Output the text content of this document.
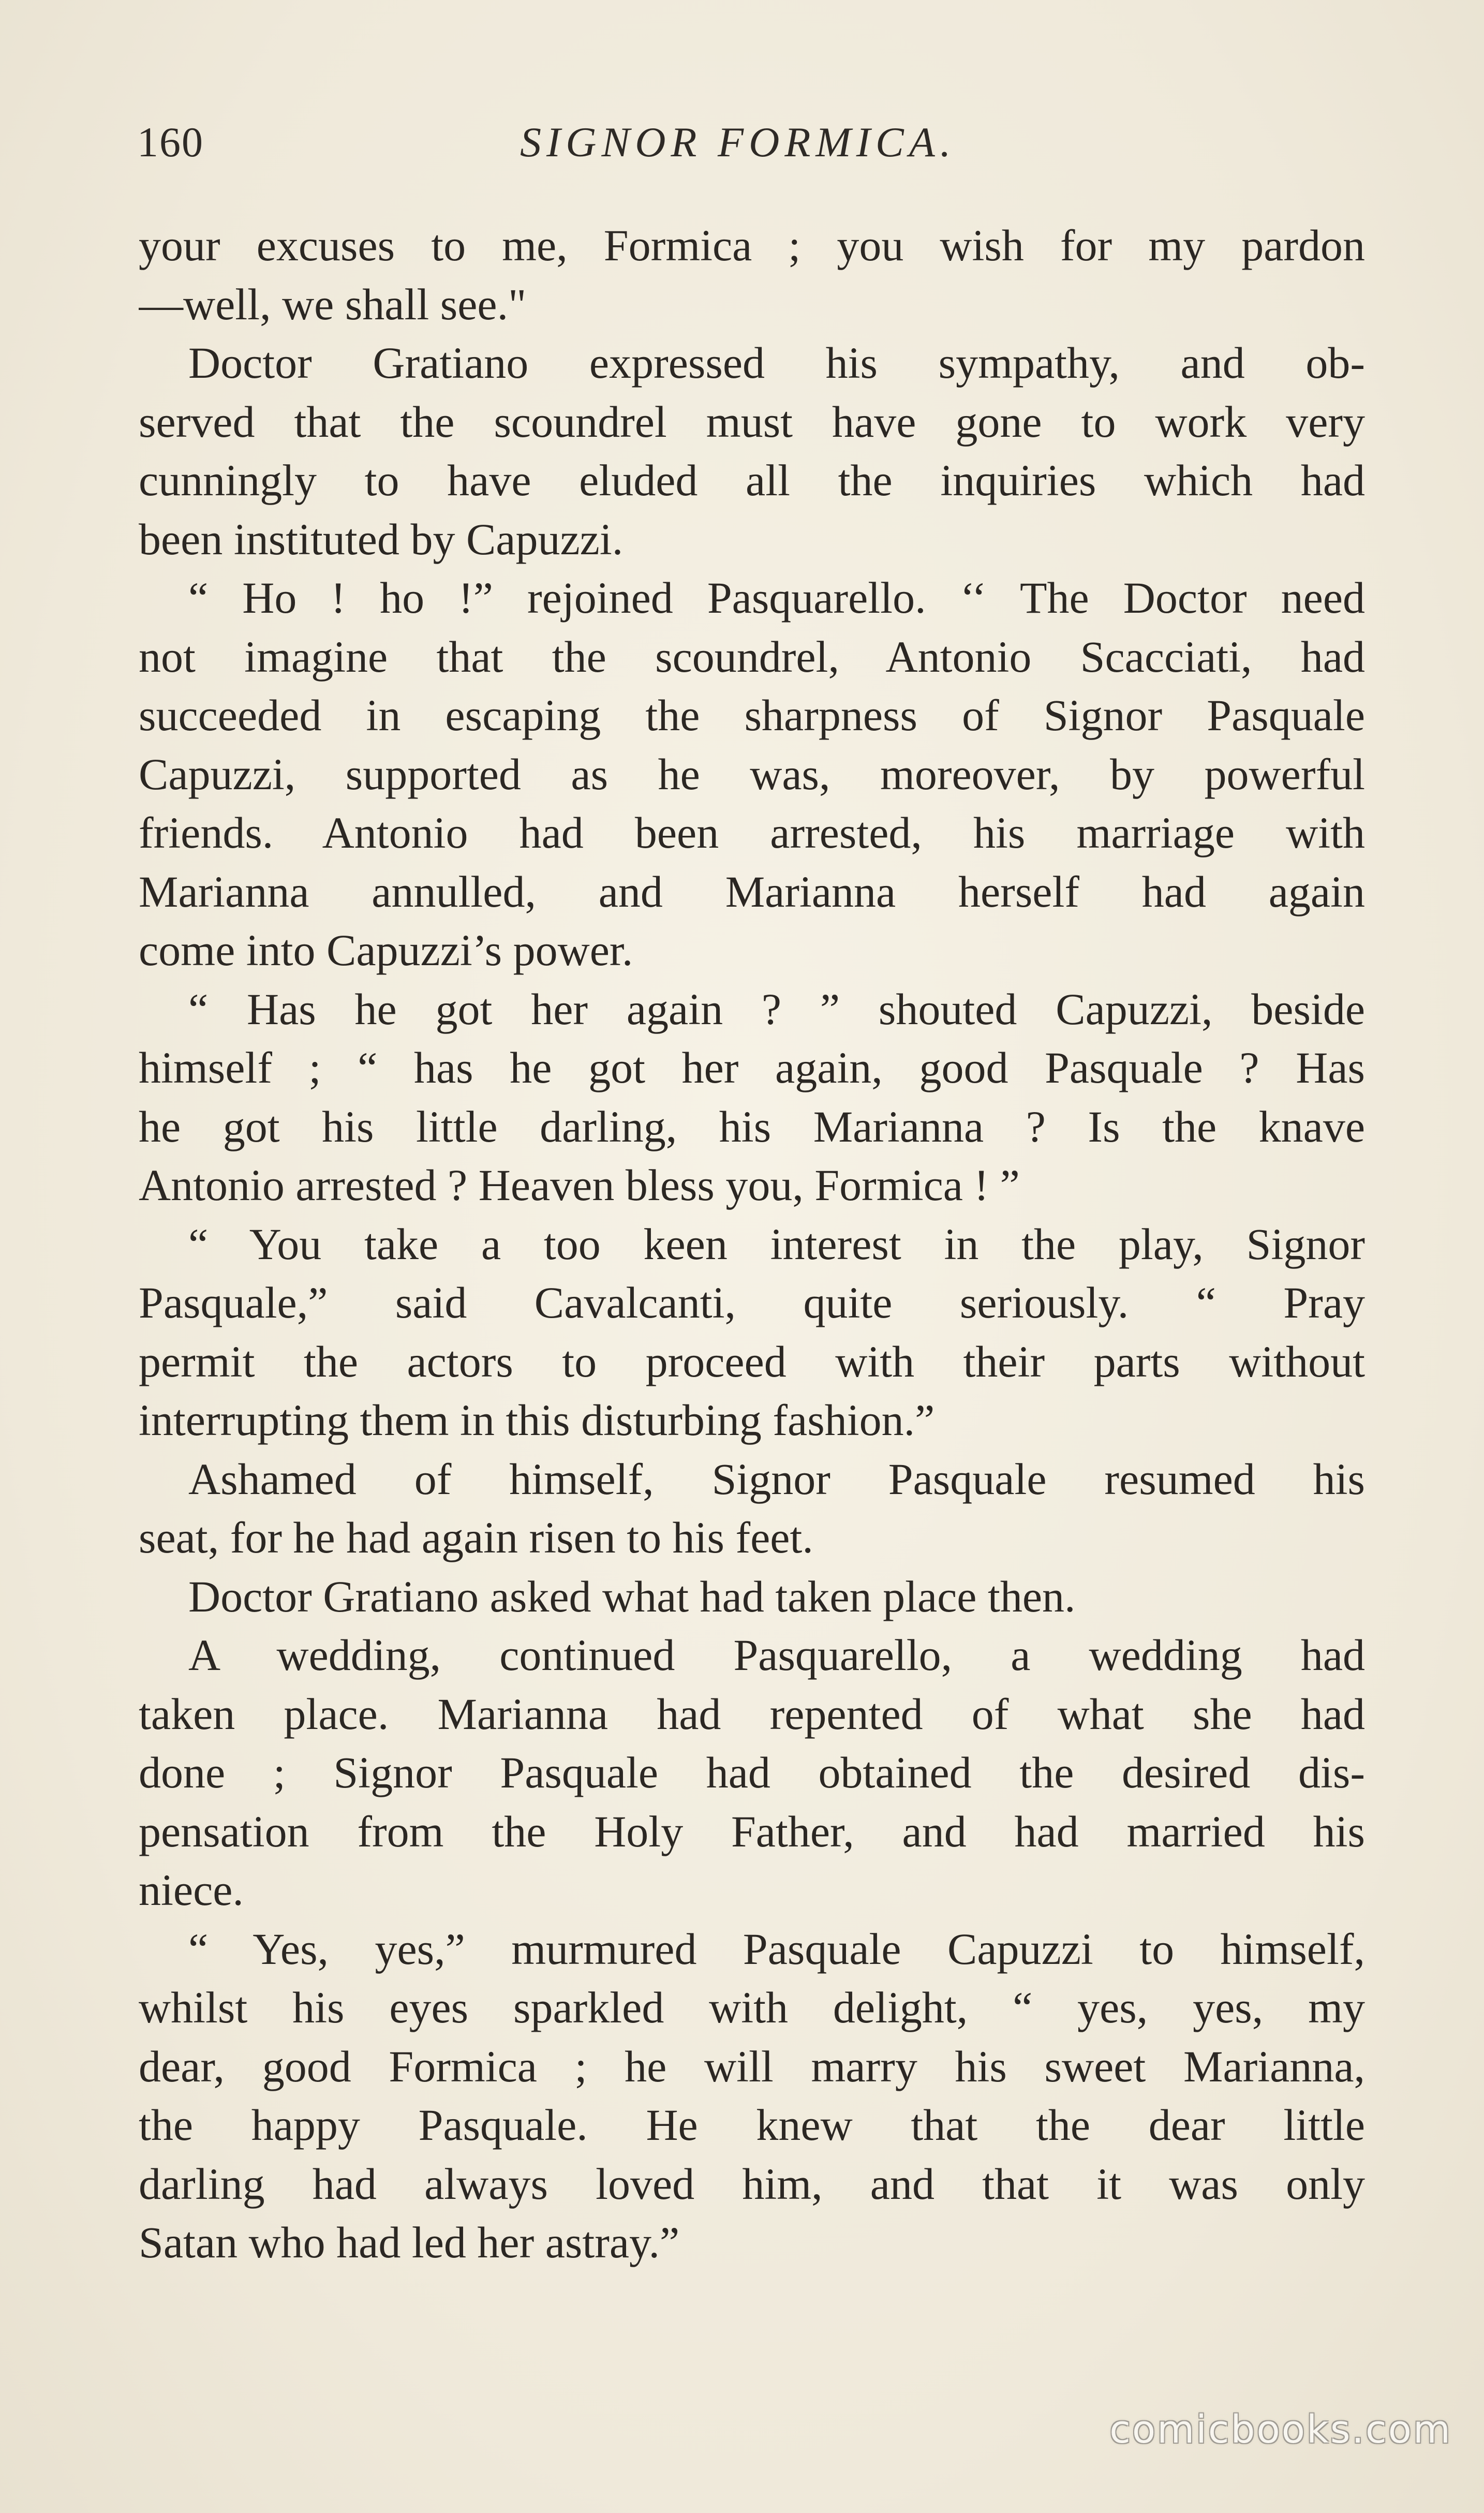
160	SIGNOR FORMICA.
your excuses to me, Formica ; you wish for my pardon
—well, we shall see."
Doctor Gratiano expressed his sympathy, and ob-
served that the scoundrel must have gone to work very
cunningly to have eluded all the inquiries which had
been instituted by Capuzzi.
“ Ho ! ho !” rejoined Pasquarello. ‘‘ The Doctor need
not imagine that the scoundrel, Antonio Scacciati, had
succeeded in escaping the sharpness of Signor Pasquale
Capuzzi, supported as he was, moreover, by powerful
friends. Antonio had been arrested, his marriage with
Marianna annulled, and Marianna herself had again
come into Capuzzi’s power.
“ Has he got her again ? ” shouted Capuzzi, beside
himself ; “ has he got her again, good Pasquale ? Has
he got his little darling, his Marianna ? Is the knave
Antonio arrested ? Heaven bless you, Formica ! ”
“ You take a too keen interest in the play, Signor
Pasquale,” said Cavalcanti, quite seriously. “ Pray
permit the actors to proceed with their parts without
interrupting them in this disturbing fashion.”
Ashamed of himself, Signor Pasquale resumed his
seat, for he had again risen to his feet.
Doctor Gratiano asked what had taken place then.
A wedding, continued Pasquarello, a wedding had
taken place. Marianna had repented of what she had
done ; Signor Pasquale had obtained the desired dis-
pensation from the Holy Father, and had married his
niece.
“ Yes, yes,” murmured Pasquale Capuzzi to himself,
whilst his eyes sparkled with delight, “ yes, yes, my
dear, good Formica ; he will marry his sweet Marianna,
the happy Pasquale. He knew that the dear little
darling had always loved him, and that it was only
Satan who had led her astray.”
comicbooks.com
